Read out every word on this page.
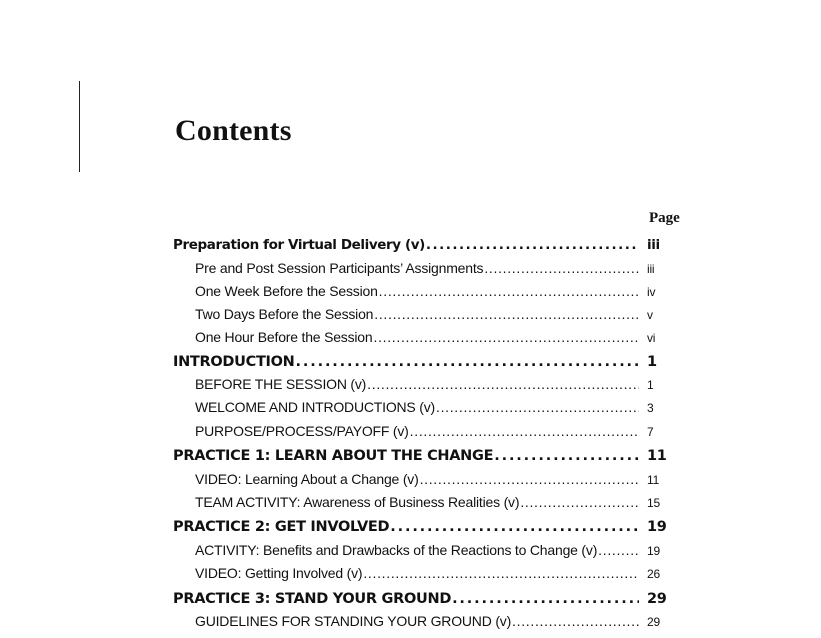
Contents
Page
Preparation for Virtual Delivery (v) . . .	iii
Pre and Post Session Participants’ Assignments . . .	iii
One Week Before the Session . . .	iv
Two Days Before the Session . . .	v
One Hour Before the Session . . .	vi
INTRODUCTION . . .	1
BEFORE THE SESSION (v) . . .	1
WELCOME AND INTRODUCTIONS (v) . . .	3
PURPOSE/PROCESS/PAYOFF (v) . . .	7
PRACTICE 1: LEARN ABOUT THE CHANGE . . .	11
VIDEO: Learning About a Change (v) . . .	11
TEAM ACTIVITY: Awareness of Business Realities (v) . . .	15
PRACTICE 2: GET INVOLVED . . .	19
ACTIVITY: Benefits and Drawbacks of the Reactions to Change (v) . . .	19
VIDEO: Getting Involved (v) . . .	26
PRACTICE 3: STAND YOUR GROUND . . .	29
GUIDELINES FOR STANDING YOUR GROUND (v) . . .	29
